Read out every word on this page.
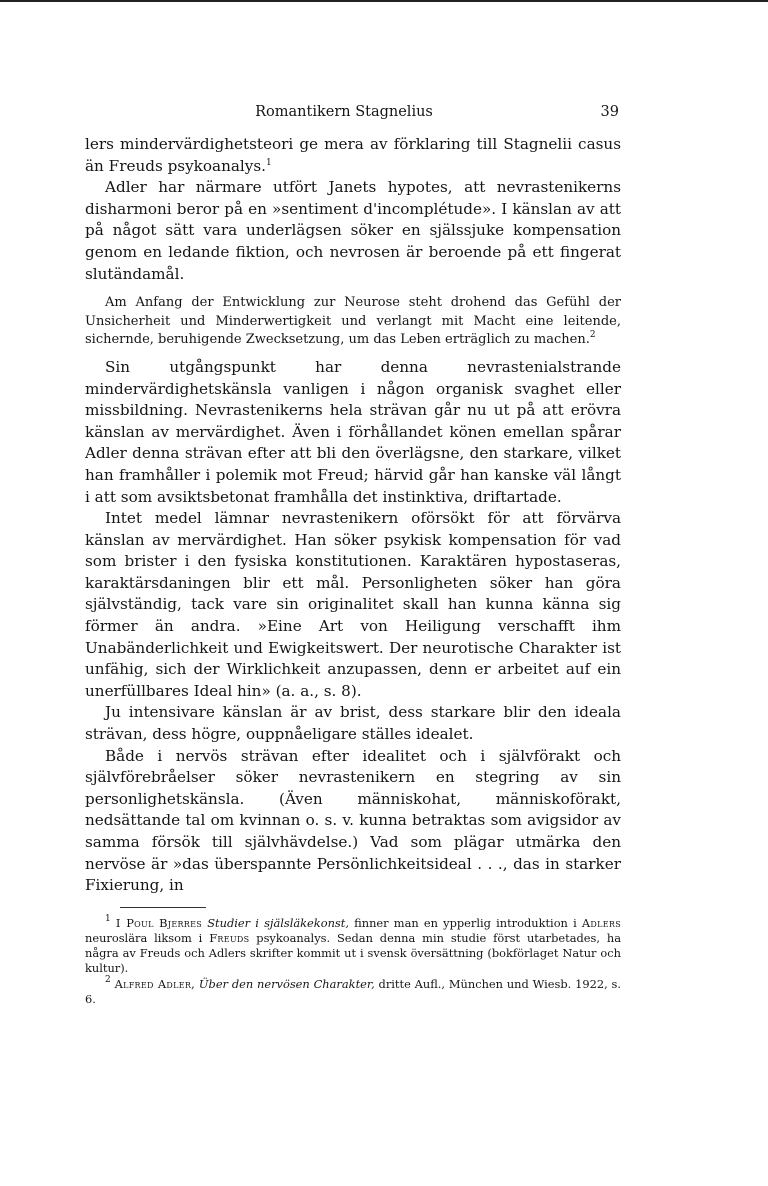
Romantikern Stagnelius	39

lers mindervärdighetsteori ge mera av förklaring till Stagnelii casus än Freuds psykoanalys.$^1$

Adler har närmare utfört Janets hypotes, att nevrastenikerns disharmoni beror på en »sentiment d'incomplétude». I känslan av att på något sätt vara underlägsen söker en själssjuke kompensation genom en ledande fiktion, och nevrosen är beroende på ett fingerat slutändamål.

Am Anfang der Entwicklung zur Neurose steht drohend das Gefühl der Unsicherheit und Minderwertigkeit und verlangt mit Macht eine leitende, sichernde, beruhigende Zwecksetzung, um das Leben erträglich zu machen.$^2$

Sin utgångspunkt har denna nevrastenialstrande mindervärdighetskänsla vanligen i någon organisk svaghet eller missbildning. Nevrastenikerns hela strävan går nu ut på att erövra känslan av mervärdighet. Även i förhållandet könen emellan spårar Adler denna strävan efter att bli den överlägsne, den starkare, vilket han framhåller i polemik mot Freud; härvid går han kanske väl långt i att som avsiktsbetonat framhålla det instinktiva, driftartade.

Intet medel lämnar nevrastenikern oförsökt för att förvärva känslan av mervärdighet. Han söker psykisk kompensation för vad som brister i den fysiska konstitutionen. Karaktären hypostaseras, karaktärsdaningen blir ett mål. Personligheten söker han göra självständig, tack vare sin originalitet skall han kunna känna sig förmer än andra. »Eine Art von Heiligung verschafft ihm Unabänderlichkeit und Ewigkeitswert. Der neurotische Charakter ist unfähig, sich der Wirklichkeit anzupassen, denn er arbeitet auf ein unerfüllbares Ideal hin» (a. a., s. 8).

Ju intensivare känslan är av brist, dess starkare blir den ideala strävan, dess högre, ouppnåeligare ställes idealet.

Både i nervös strävan efter idealitet och i självförakt och självförebråelser söker nevrastenikern en stegring av sin personlighetskänsla. (Även människohat, människoförakt, nedsättande tal om kvinnan o. s. v. kunna betraktas som avigsidor av samma försök till självhävdelse.) Vad som plägar utmärka den nervöse är »das überspannte Persönlichkeitsideal . . ., das in starker Fixierung, in

$^1$ I Poul Bjerres Studier i själsläkekonst, finner man en ypperlig introduktion i Adlers neuroslära liksom i Freuds psykoanalys. Sedan denna min studie först utarbetades, ha några av Freuds och Adlers skrifter kommit ut i svensk översättning (bokförlaget Natur och kultur).

$^2$ Alfred Adler, Über den nervösen Charakter, dritte Aufl., München und Wiesb. 1922, s. 6.
